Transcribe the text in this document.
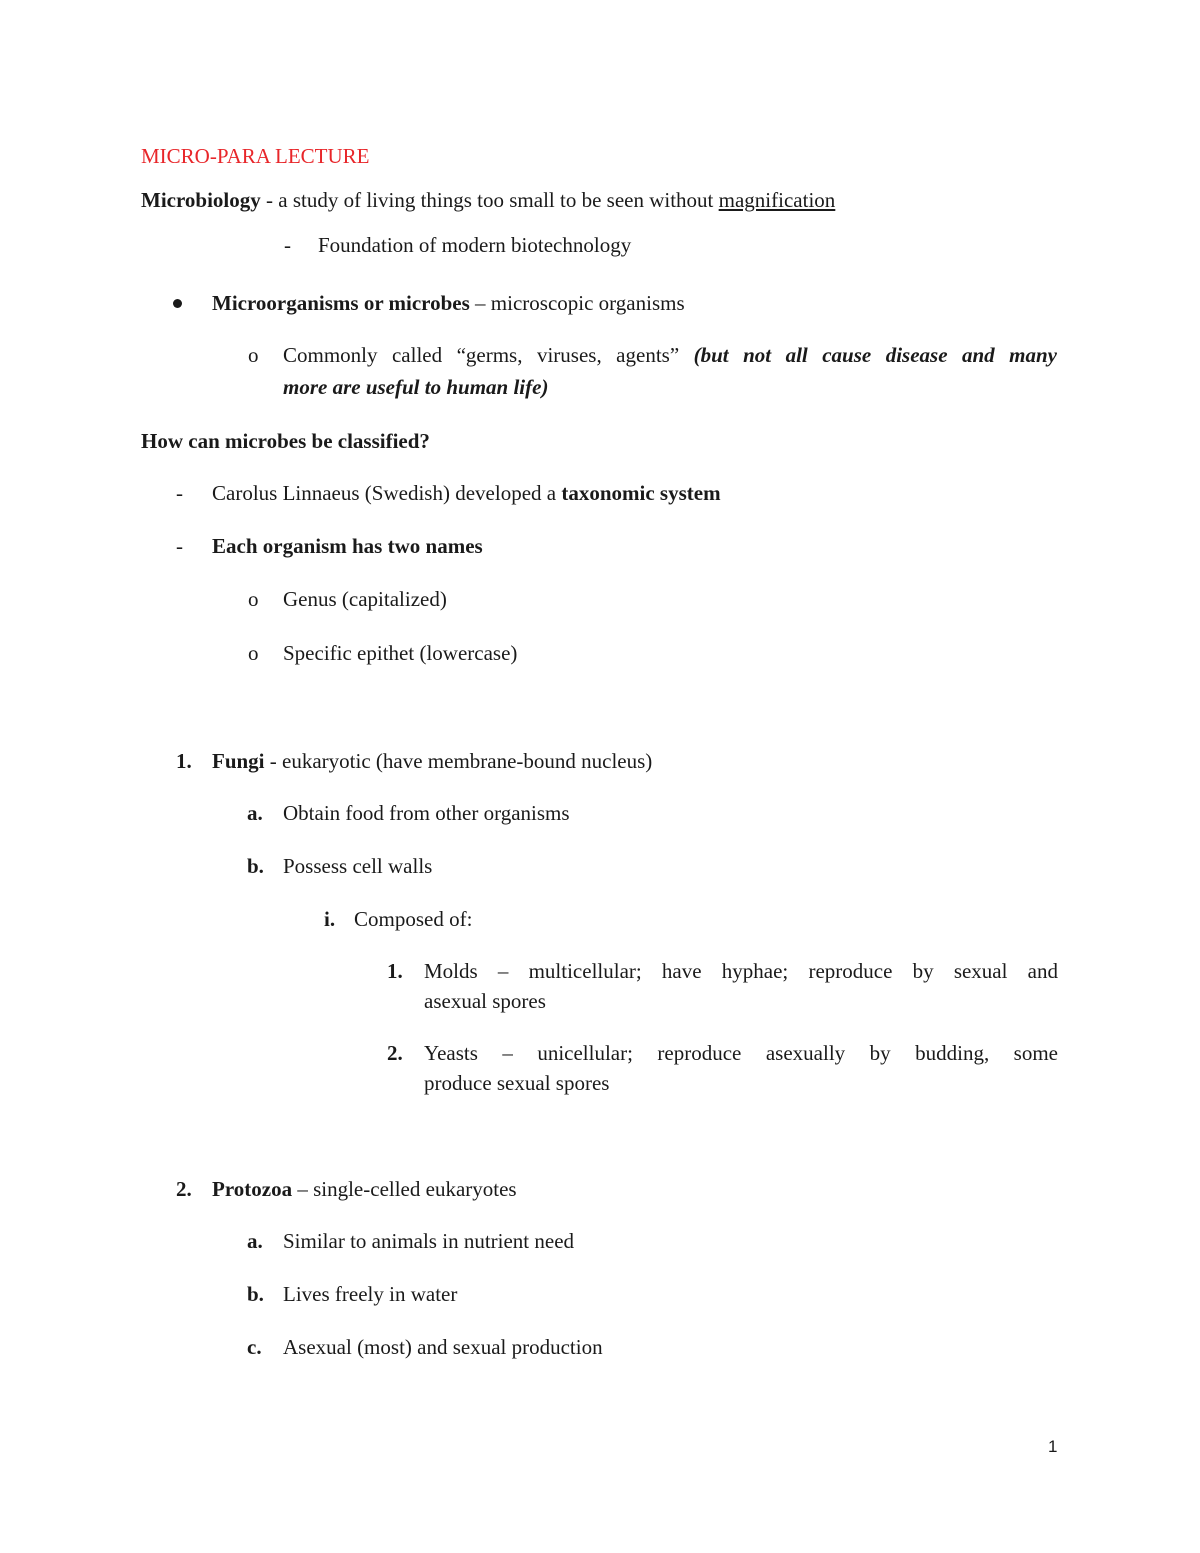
MICRO-PARA LECTURE
Microbiology - a study of living things too small to be seen without magnification
- Foundation of modern biotechnology
Microorganisms or microbes – microscopic organisms
o Commonly called “germs, viruses, agents” (but not all cause disease and many
more are useful to human life)
How can microbes be classified?
- Carolus Linnaeus (Swedish) developed a taxonomic system
- Each organism has two names
o Genus (capitalized)
o Specific epithet (lowercase)
1. Fungi - eukaryotic (have membrane-bound nucleus)
a. Obtain food from other organisms
b. Possess cell walls
i. Composed of:
1. Molds – multicellular; have hyphae; reproduce by sexual and
asexual spores
2. Yeasts – unicellular; reproduce asexually by budding, some
produce sexual spores
2. Protozoa – single-celled eukaryotes
a. Similar to animals in nutrient need
b. Lives freely in water
c. Asexual (most) and sexual production
1
